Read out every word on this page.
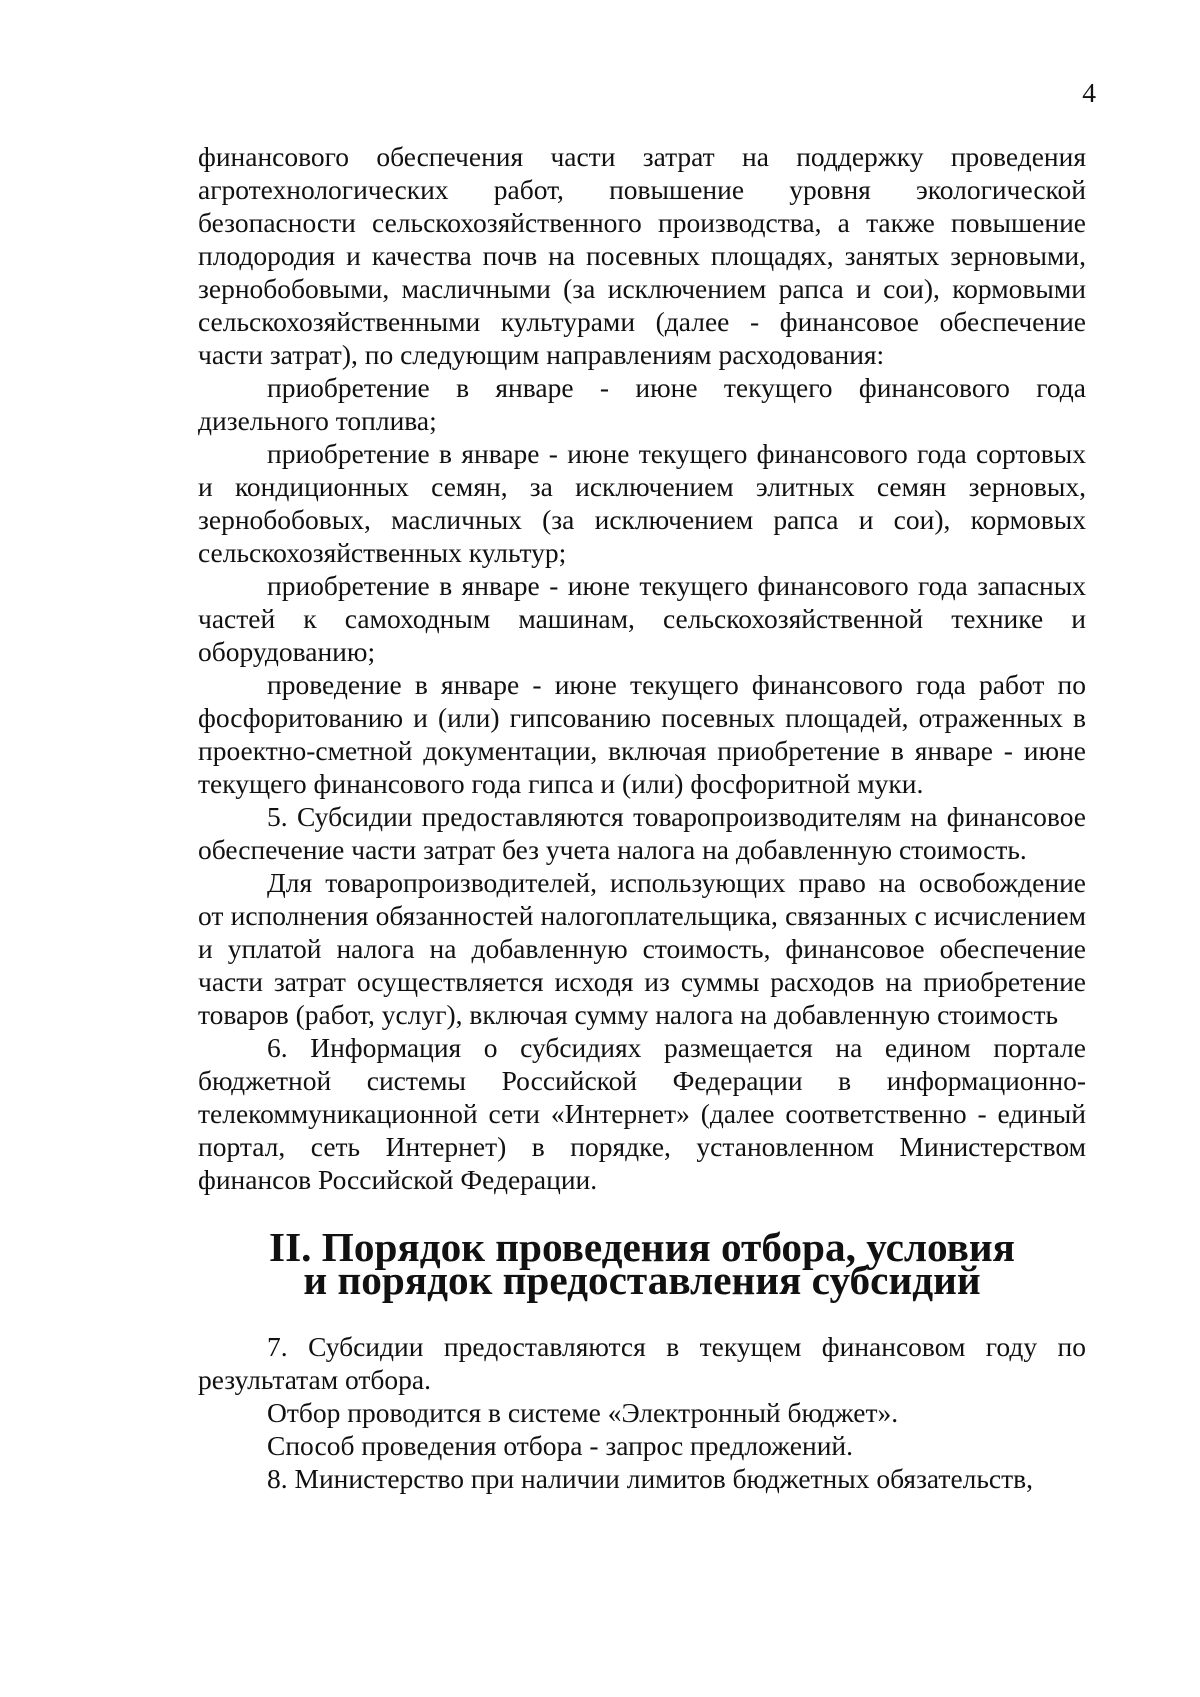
4

финансового обеспечения части затрат на поддержку проведения агротехнологических работ, повышение уровня экологической безопасности сельскохозяйственного производства, а также повышение плодородия и качества почв на посевных площадях, занятых зерновыми, зернобобовыми, масличными (за исключением рапса и сои), кормовыми сельскохозяйственными культурами (далее - финансовое обеспечение части затрат), по следующим направлениям расходования:

приобретение в январе - июне текущего финансового года дизельного топлива;

приобретение в январе - июне текущего финансового года сортовых и кондиционных семян, за исключением элитных семян зерновых, зернобобовых, масличных (за исключением рапса и сои), кормовых сельскохозяйственных культур;

приобретение в январе - июне текущего финансового года запасных частей к самоходным машинам, сельскохозяйственной технике и оборудованию;

проведение в январе - июне текущего финансового года работ по фосфоритованию и (или) гипсованию посевных площадей, отраженных в проектно-сметной документации, включая приобретение в январе - июне текущего финансового года гипса и (или) фосфоритной муки.

5. Субсидии предоставляются товаропроизводителям на финансовое обеспечение части затрат без учета налога на добавленную стоимость.

Для товаропроизводителей, использующих право на освобождение от исполнения обязанностей налогоплательщика, связанных с исчислением и уплатой налога на добавленную стоимость, финансовое обеспечение части затрат осуществляется исходя из суммы расходов на приобретение товаров (работ, услуг), включая сумму налога на добавленную стоимость

6. Информация о субсидиях размещается на едином портале бюджетной системы Российской Федерации в информационно-телекоммуникационной сети «Интернет» (далее соответственно - единый портал, сеть Интернет) в порядке, установленном Министерством финансов Российской Федерации.

II. Порядок проведения отбора, условия
и порядок предоставления субсидий

7. Субсидии предоставляются в текущем финансовом году по результатам отбора.

Отбор проводится в системе «Электронный бюджет».

Способ проведения отбора - запрос предложений.

8. Министерство при наличии лимитов бюджетных обязательств,
